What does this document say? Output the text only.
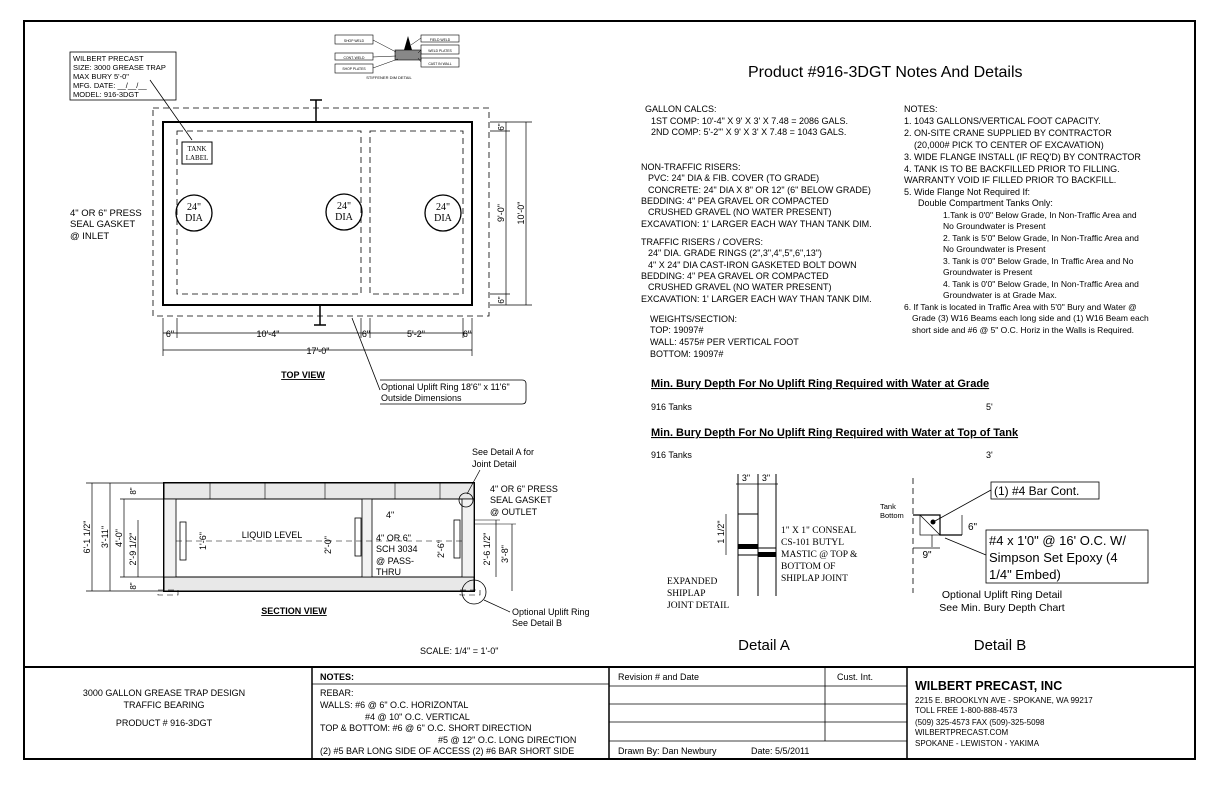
TANK
LABEL
24"
DIA
24"
DIA
24"
DIA
WILBERT PRECAST
SIZE: 3000 GREASE TRAP
MAX BURY 5'-0"
MFG. DATE: __/__/__
MODEL: 916-3DGT
4" OR 6" PRESS
SEAL GASKET
@ INLET
6"	10'-4"	6"	5'-2"	6"
17'-0"
6"
9'-0"
6"
10'-0"
TOP VIEW
Optional Uplift Ring 18'6" x 11'6"
Outside Dimensions
SHOP WELD
CONT. WELD
SHOP PLATES
FIELD WELD
WELD PLATES
CAST IN WALL
STIFFENER DIM DETAIL
LIQUID LEVEL
6'-1 1/2" 3'-11" 4'-0" 2'-9 1/2"
8"
8"
1'-6"	2'-0"	2'-6"	2'-6 1/2" 3'-8"
4"
4" OR 6"
SCH 3034
@ PASS-
THRU
See Detail A for
Joint Detail
4" OR 6" PRESS
SEAL GASKET
@ OUTLET
SECTION VIEW	Optional Uplift Ring
See Detail B
SCALE: 1/4" = 1'-0"
Product #916-3DGT Notes And Details
GALLON CALCS:
1ST COMP: 10'-4" X 9' X 3' X 7.48 = 2086 GALS.
2ND COMP: 5'-2"' X 9' X 3' X 7.48 = 1043 GALS.
NON-TRAFFIC RISERS:
PVC: 24" DIA & FIB. COVER (TO GRADE)
CONCRETE: 24" DIA X 8" OR 12" (6" BELOW GRADE)
BEDDING: 4" PEA GRAVEL OR COMPACTED
CRUSHED GRAVEL (NO WATER PRESENT)
EXCAVATION: 1' LARGER EACH WAY THAN TANK DIM.
TRAFFIC RISERS / COVERS:
24" DIA. GRADE RINGS (2",3",4",5",6",13")
4" X 24" DIA CAST-IRON GASKETED BOLT DOWN
BEDDING: 4" PEA GRAVEL OR COMPACTED
CRUSHED GRAVEL (NO WATER PRESENT)
EXCAVATION: 1' LARGER EACH WAY THAN TANK DIM.
WEIGHTS/SECTION:
TOP: 19097#
WALL: 4575# PER VERTICAL FOOT
BOTTOM: 19097#
NOTES:
1. 1043 GALLONS/VERTICAL FOOT CAPACITY.
2. ON-SITE CRANE SUPPLIED BY CONTRACTOR
(20,000# PICK TO CENTER OF EXCAVATION)
3. WIDE FLANGE INSTALL (IF REQ'D) BY CONTRACTOR
4. TANK IS TO BE BACKFILLED PRIOR TO FILLING.
WARRANTY VOID IF FILLED PRIOR TO BACKFILL.
5. Wide Flange Not Required If:
Double Compartment Tanks Only:
1.Tank is 0'0" Below Grade, In Non-Traffic Area and
No Groundwater is Present
2. Tank is 5'0" Below Grade, In Non-Traffic Area and
No Groundwater is Present
3. Tank is 0'0" Below Grade, In Traffic Area and No
Groundwater is Present
4. Tank is 0'0" Below Grade, In Non-Traffic Area and
Groundwater is at Grade Max.
6. If Tank is located in Traffic Area with 5'0" Bury and Water @
Grade (3) W16 Beams each long side and (1) W16 Beam each
short side and #6 @ 5" O.C. Horiz in the Walls is Required.
Min. Bury Depth For No Uplift Ring Required with Water at Grade
916 Tanks	5'
Min. Bury Depth For No Uplift Ring Required with Water at Top of Tank
916 Tanks	3'
3" 3"
1 1/2"	1" X 1" CONSEAL
CS-101 BUTYL
MASTIC @ TOP &
BOTTOM OF
SHIPLAP JOINT
EXPANDED
SHIPLAP
JOINT DETAIL
Detail A
Tank
Bottom
(1) #4 Bar Cont.
#4 x 1'0" @ 16' O.C. W/
Simpson Set Epoxy (4
1/4" Embed)
6"
9"
Optional Uplift Ring Detail
See Min. Bury Depth Chart
Detail B
3000 GALLON GREASE TRAP DESIGN
TRAFFIC BEARING
PRODUCT # 916-3DGT
NOTES:
REBAR:
WALLS: #6 @ 6" O.C. HORIZONTAL
#4 @ 10" O.C. VERTICAL
TOP & BOTTOM: #6 @ 6" O.C. SHORT DIRECTION
#5 @ 12" O.C. LONG DIRECTION
(2) #5 BAR LONG SIDE OF ACCESS (2) #6 BAR SHORT SIDE
Revision # and Date	Cust. Int.
Drawn By: Dan Newbury	Date: 5/5/2011
WILBERT PRECAST, INC
2215 E. BROOKLYN AVE - SPOKANE, WA 99217
TOLL FREE 1-800-888-4573
(509) 325-4573 FAX (509)-325-5098
WILBERTPRECAST.COM
SPOKANE - LEWISTON - YAKIMA
